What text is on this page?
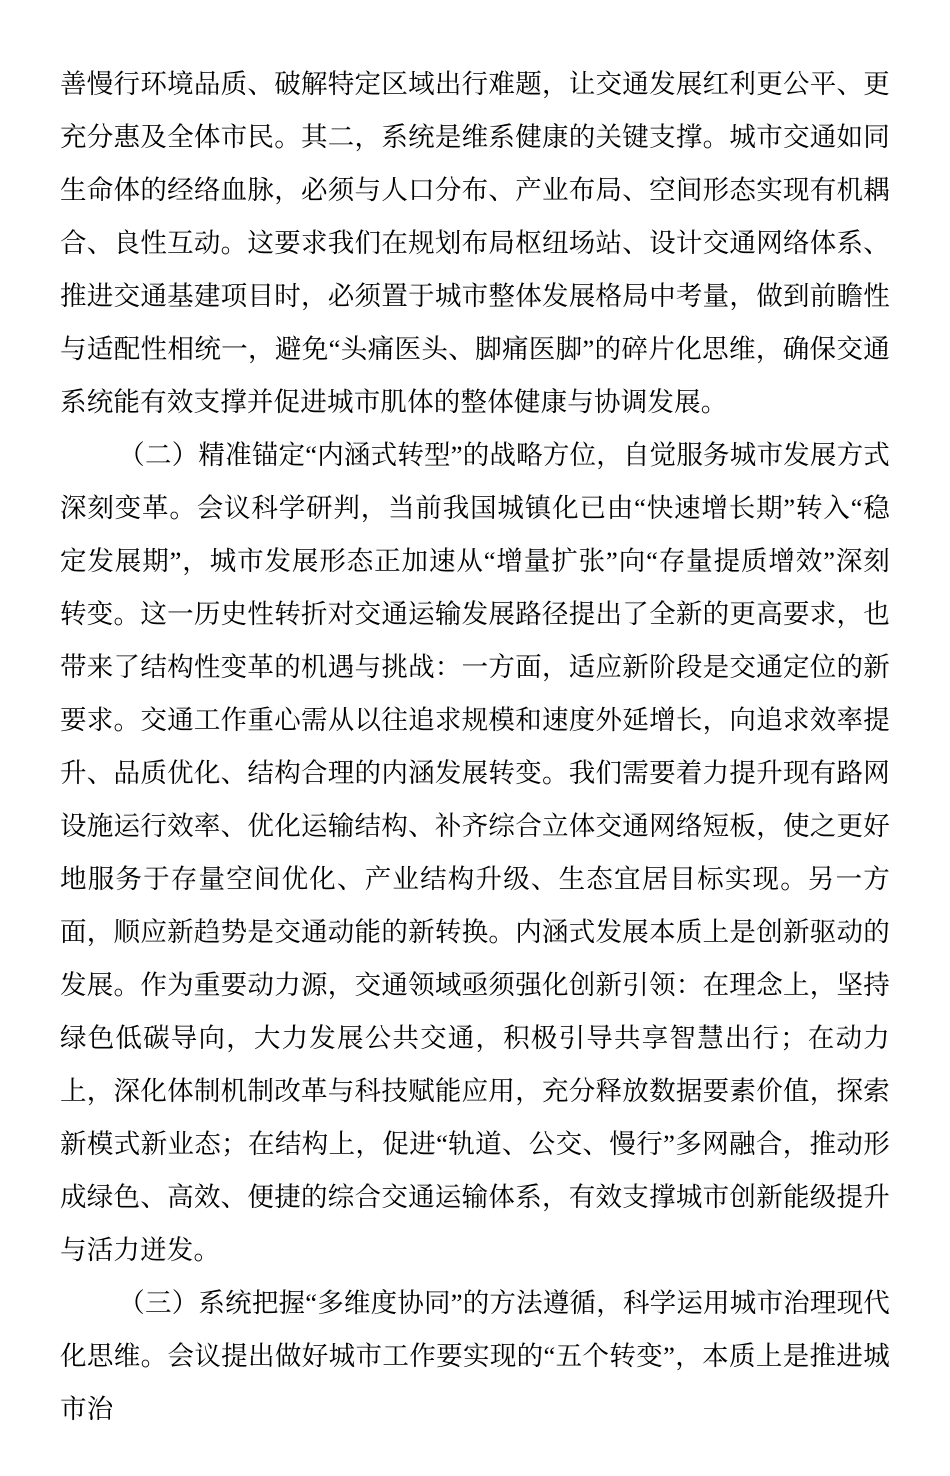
善慢行环境品质、破解特定区域出行难题，让交通发展红利更公平、更充分惠及全体市民。其二，系统是维系健康的关键支撑。城市交通如同生命体的经络血脉，必须与人口分布、产业布局、空间形态实现有机耦合、良性互动。这要求我们在规划布局枢纽场站、设计交通网络体系、推进交通基建项目时，必须置于城市整体发展格局中考量，做到前瞻性与适配性相统一，避免“头痛医头、脚痛医脚”的碎片化思维，确保交通系统能有效支撑并促进城市肌体的整体健康与协调发展。

（二）精准锚定“内涵式转型”的战略方位，自觉服务城市发展方式深刻变革。会议科学研判，当前我国城镇化已由“快速增长期”转入“稳定发展期”，城市发展形态正加速从“增量扩张”向“存量提质增效”深刻转变。这一历史性转折对交通运输发展路径提出了全新的更高要求，也带来了结构性变革的机遇与挑战：一方面，适应新阶段是交通定位的新要求。交通工作重心需从以往追求规模和速度外延增长，向追求效率提升、品质优化、结构合理的内涵发展转变。我们需要着力提升现有路网设施运行效率、优化运输结构、补齐综合立体交通网络短板，使之更好地服务于存量空间优化、产业结构升级、生态宜居目标实现。另一方面，顺应新趋势是交通动能的新转换。内涵式发展本质上是创新驱动的发展。作为重要动力源，交通领域亟须强化创新引领：在理念上，坚持绿色低碳导向，大力发展公共交通，积极引导共享智慧出行；在动力上，深化体制机制改革与科技赋能应用，充分释放数据要素价值，探索新模式新业态；在结构上，促进“轨道、公交、慢行”多网融合，推动形成绿色、高效、便捷的综合交通运输体系，有效支撑城市创新能级提升与活力迸发。

（三）系统把握“多维度协同”的方法遵循，科学运用城市治理现代化思维。会议提出做好城市工作要实现的“五个转变”，本质上是推进城市治
